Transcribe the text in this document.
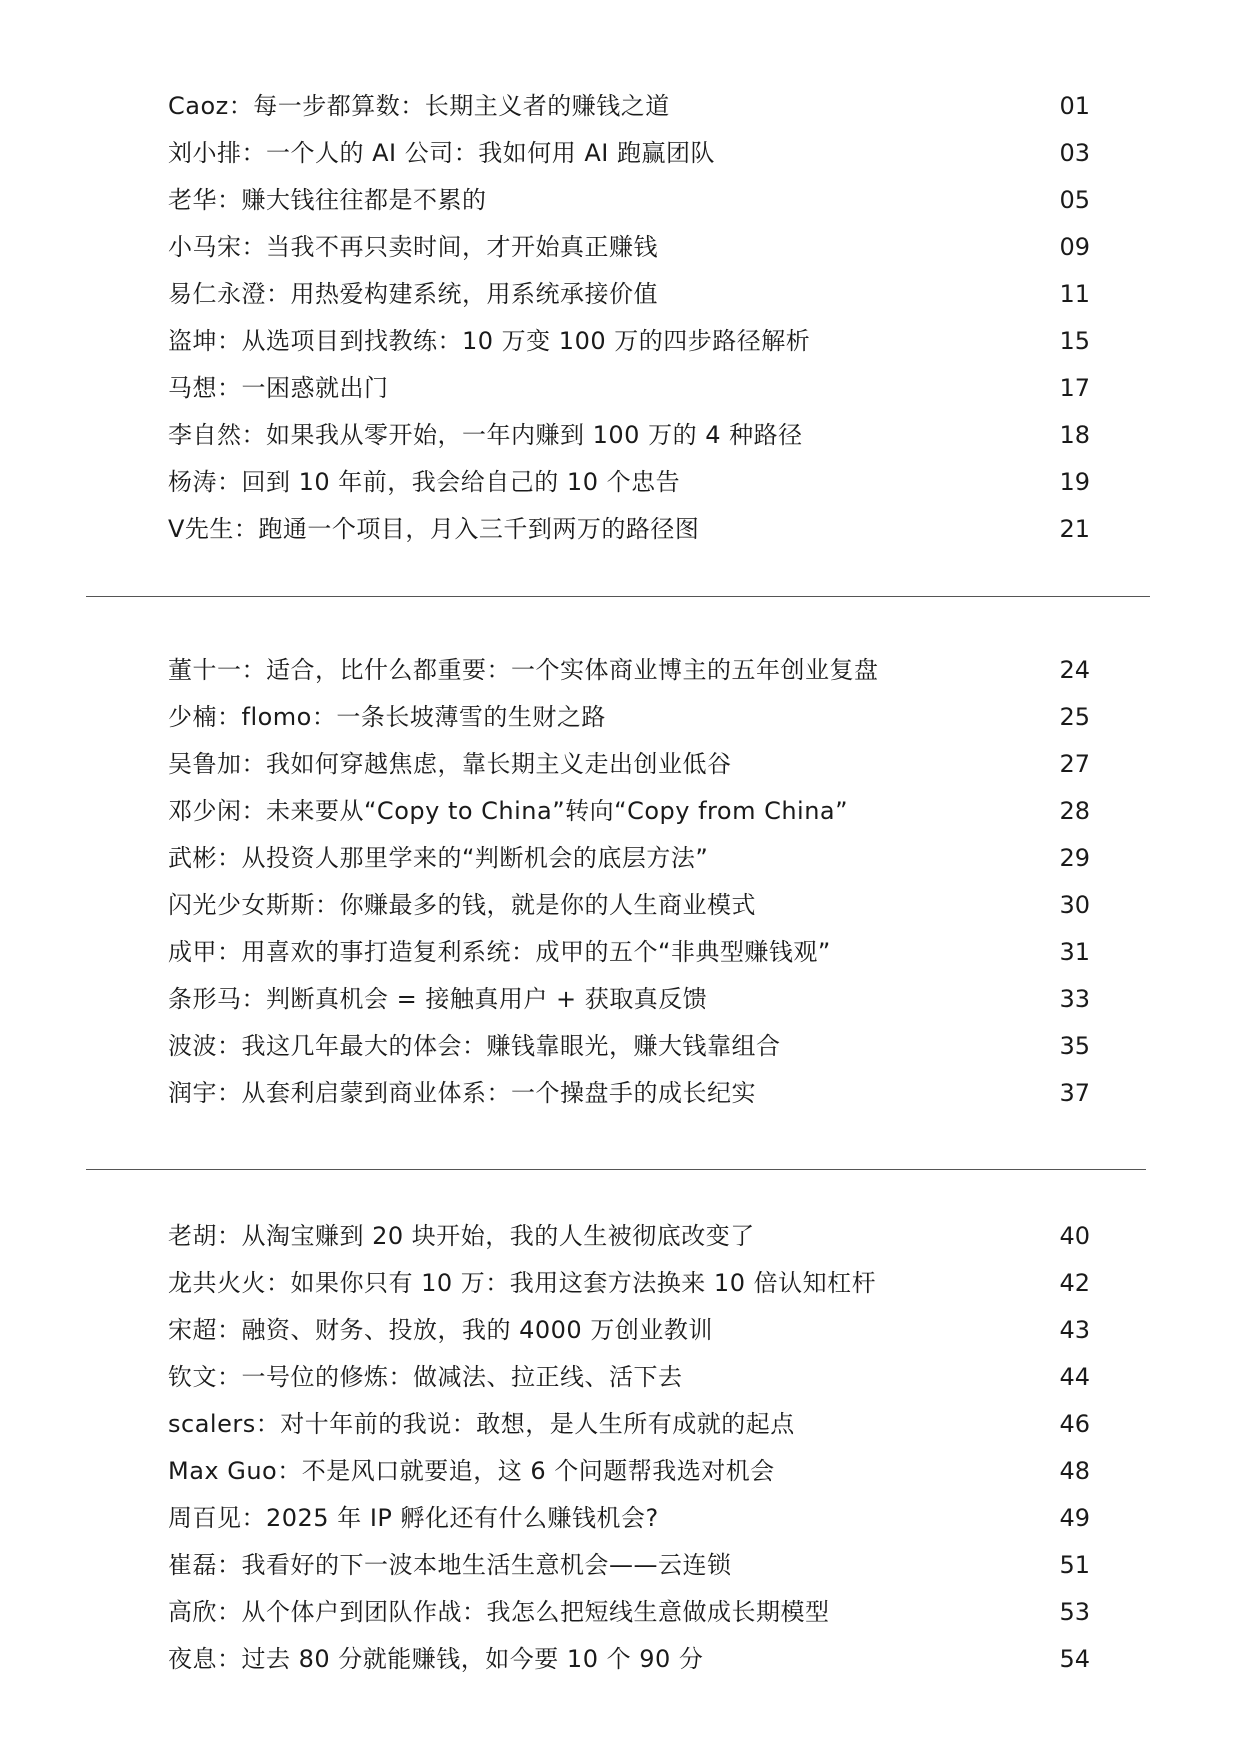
Caoz：每一步都算数：长期主义者的赚钱之道	01
刘小排：一个人的 AI 公司：我如何用 AI 跑赢团队	03
老华：赚大钱往往都是不累的	05
小马宋：当我不再只卖时间，才开始真正赚钱	09
易仁永澄：用热爱构建系统，用系统承接价值	11
盗坤：从选项目到找教练：10 万变 100 万的四步路径解析	15
马想：一困惑就出门	17
李自然：如果我从零开始，一年内赚到 100 万的 4 种路径	18
杨涛：回到 10 年前，我会给自己的 10 个忠告	19
V先生：跑通一个项目，月入三千到两万的路径图	21
董十一：适合，比什么都重要：一个实体商业博主的五年创业复盘	24
少楠：flomo：一条长坡薄雪的生财之路	25
吴鲁加：我如何穿越焦虑，靠长期主义走出创业低谷	27
邓少闲：未来要从“Copy to China”转向“Copy from China”	28
武彬：从投资人那里学来的“判断机会的底层方法”	29
闪光少女斯斯：你赚最多的钱，就是你的人生商业模式	30
成甲：用喜欢的事打造复利系统：成甲的五个“非典型赚钱观”	31
条形马：判断真机会 = 接触真用户 + 获取真反馈	33
波波：我这几年最大的体会：赚钱靠眼光，赚大钱靠组合	35
润宇：从套利启蒙到商业体系：一个操盘手的成长纪实	37
老胡：从淘宝赚到 20 块开始，我的人生被彻底改变了	40
龙共火火：如果你只有 10 万：我用这套方法换来 10 倍认知杠杆	42
宋超：融资、财务、投放，我的 4000 万创业教训	43
钦文：一号位的修炼：做减法、拉正线、活下去	44
scalers：对十年前的我说：敢想，是人生所有成就的起点	46
Max Guo：不是风口就要追，这 6 个问题帮我选对机会	48
周百见：2025 年 IP 孵化还有什么赚钱机会?	49
崔磊：我看好的下一波本地生活生意机会——云连锁	51
高欣：从个体户到团队作战：我怎么把短线生意做成长期模型	53
夜息：过去 80 分就能赚钱，如今要 10 个 90 分	54
